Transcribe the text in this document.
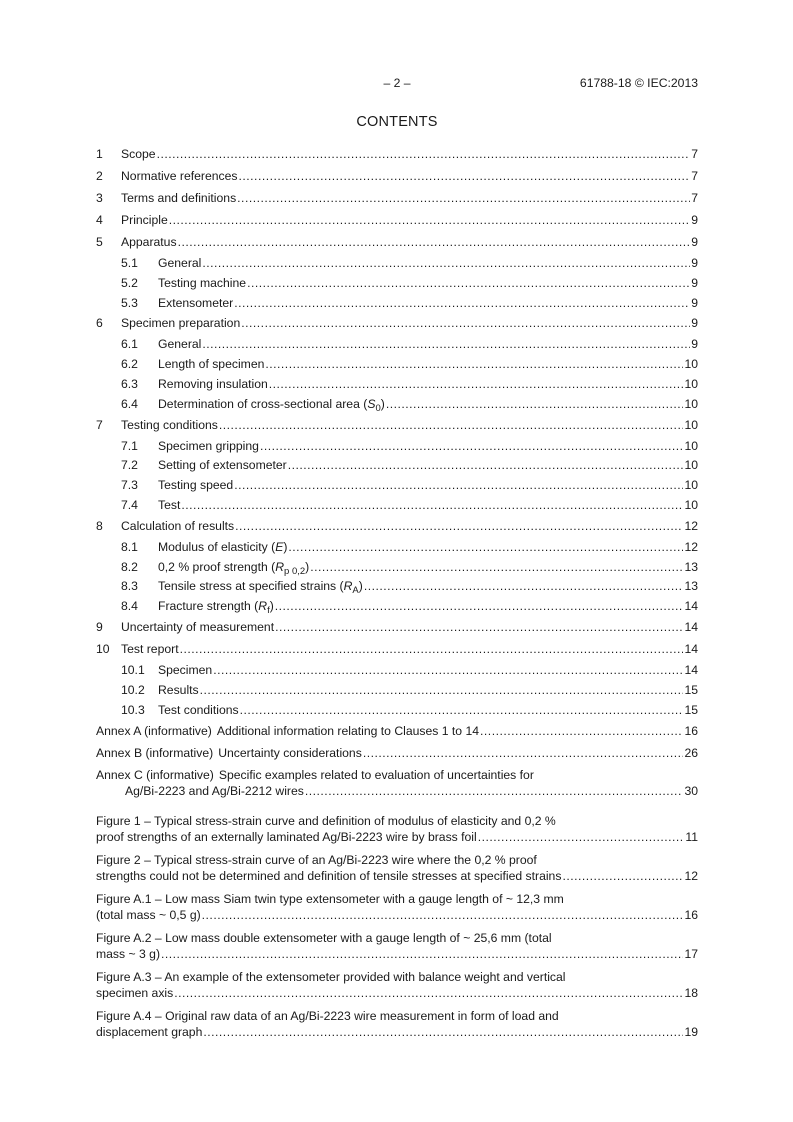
– 2 –	61788-18 © IEC:2013
CONTENTS
1	Scope .....	7
2	Normative references .....	7
3	Terms and definitions .....	7
4	Principle .....	9
5	Apparatus .....	9
5.1	General .....	9
5.2	Testing machine .....	9
5.3	Extensometer .....	9
6	Specimen preparation .....	9
6.1	General .....	9
6.2	Length of specimen .....	10
6.3	Removing insulation .....	10
6.4	Determination of cross-sectional area $(S_0)$ .....	10
7	Testing conditions .....	10
7.1	Specimen gripping .....	10
7.2	Setting of extensometer .....	10
7.3	Testing speed .....	10
7.4	Test .....	10
8	Calculation of results .....	12
8.1	Modulus of elasticity (E) .....	12
8.2	0,2 % proof strength $(R_{p 0,2})$ .....	13
8.3	Tensile stress at specified strains $(R_A)$ .....	13
8.4	Fracture strength $(R_f)$ .....	14
9	Uncertainty of measurement .....	14
10 Test report .....	14
10.1	Specimen .....	14
10.2	Results .....	15
10.3	Test conditions .....	15
Annex A (informative) Additional information relating to Clauses 1 to 14 .....	16
Annex B (informative) Uncertainty considerations .....	26
Annex C (informative) Specific examples related to evaluation of uncertainties for
Ag/Bi-2223 and Ag/Bi-2212 wires .....	30
Figure 1 – Typical stress-strain curve and definition of modulus of elasticity and 0,2 %
proof strengths of an externally laminated Ag/Bi-2223 wire by brass foil .....	11
Figure 2 – Typical stress-strain curve of an Ag/Bi-2223 wire where the 0,2 % proof
strengths could not be determined and definition of tensile stresses at specified strains .....	12
Figure A.1 – Low mass Siam twin type extensometer with a gauge length of ~ 12,3 mm
(total mass ~ 0,5 g) .....	16
Figure A.2 – Low mass double extensometer with a gauge length of ~ 25,6 mm (total
mass ~ 3 g) .....	17
Figure A.3 – An example of the extensometer provided with balance weight and vertical
specimen axis .....	18
Figure A.4 – Original raw data of an Ag/Bi-2223 wire measurement in form of load and
displacement graph .....	19
